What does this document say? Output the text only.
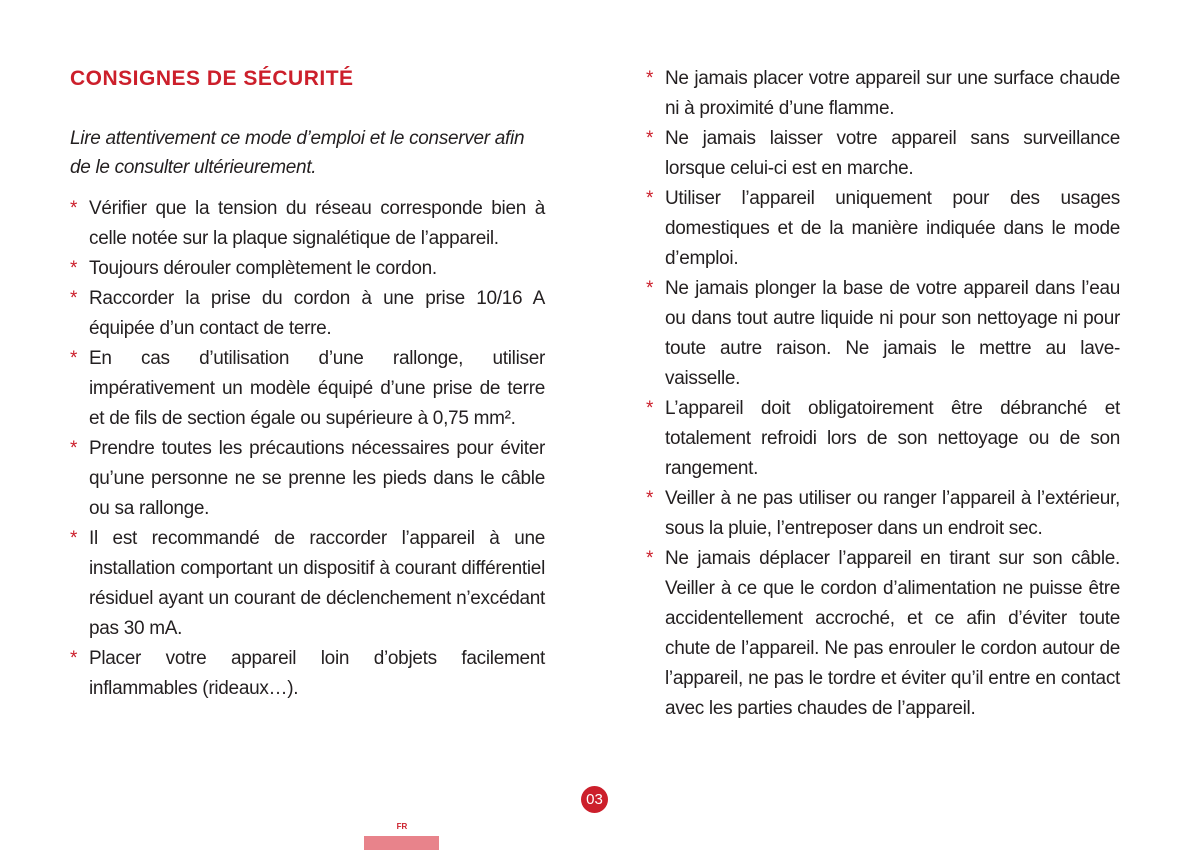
CONSIGNES DE SÉCURITÉ

Lire attentivement ce mode d’emploi et le conserver afin de le consulter ultérieurement.

* Vérifier que la tension du réseau corresponde bien à celle notée sur la plaque signalétique de l’appareil.
* Toujours dérouler complètement le cordon.
* Raccorder la prise du cordon à une prise 10/16 A équipée d’un contact de terre.
* En cas d’utilisation d’une rallonge, utiliser impérativement un modèle équipé d’une prise de terre et de fils de section égale ou supérieure à 0,75 mm².
* Prendre toutes les précautions nécessaires pour éviter qu’une personne ne se prenne les pieds dans le câble ou sa rallonge.
* Il est recommandé de raccorder l’appareil à une installation comportant un dispositif à courant différentiel résiduel ayant un courant de déclenchement n’excédant pas 30 mA.
* Placer votre appareil loin d’objets facilement inflammables (rideaux…).
* Ne jamais placer votre appareil sur une surface chaude ni à proximité d’une flamme.
* Ne jamais laisser votre appareil sans surveillance lorsque celui-ci est en marche.
* Utiliser l’appareil uniquement pour des usages domestiques et de la manière indiquée dans le mode d’emploi.
* Ne jamais plonger la base de votre appareil dans l’eau ou dans tout autre liquide ni pour son nettoyage ni pour toute autre raison. Ne jamais le mettre au lave-vaisselle.
* L’appareil doit obligatoirement être débranché et totalement refroidi lors de son nettoyage ou de son rangement.
* Veiller à ne pas utiliser ou ranger l’appareil à l’extérieur, sous la pluie, l’entreposer dans un endroit sec.
* Ne jamais déplacer l’appareil en tirant sur son câble. Veiller à ce que le cordon d’alimentation ne puisse être accidentellement accroché, et ce afin d’éviter toute chute de l’appareil. Ne pas enrouler le cordon autour de l’appareil, ne pas le tordre et éviter qu’il entre en contact avec les parties chaudes de l’appareil.
03
FR
